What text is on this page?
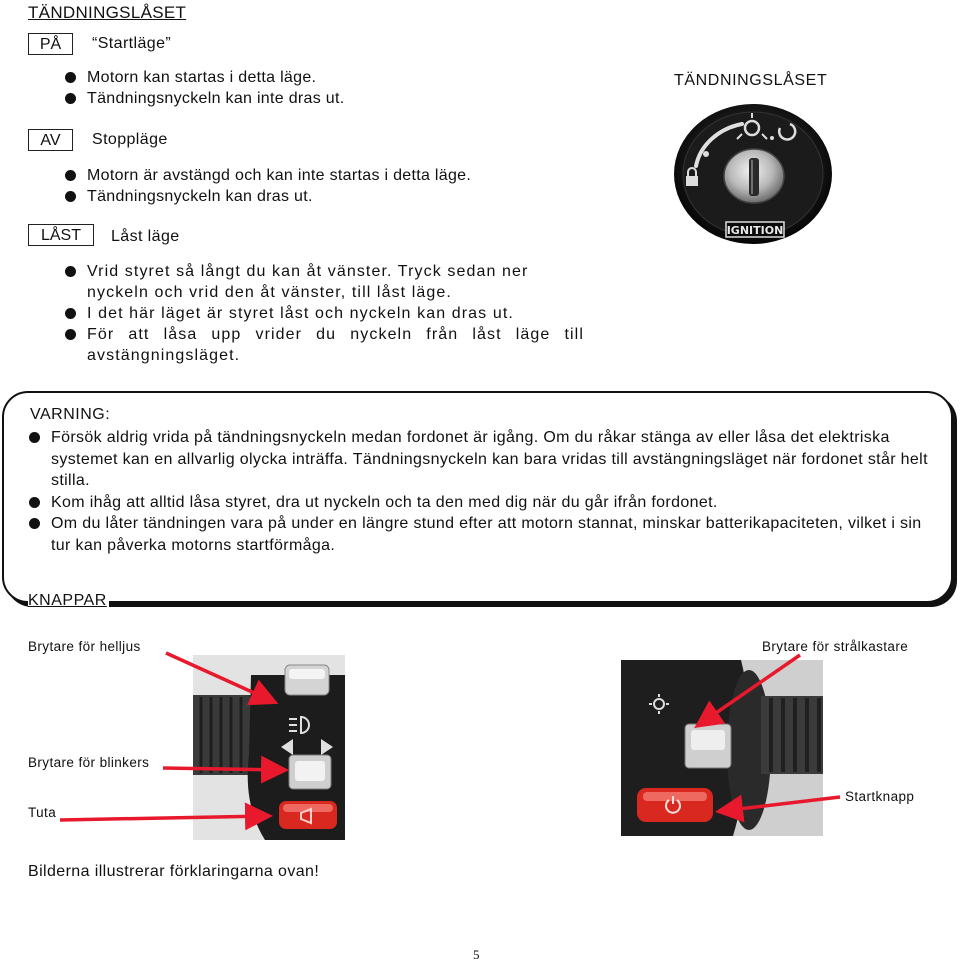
TÄNDNINGSLÅSET
PÅ	“Startläge”
Motorn kan startas i detta läge.
Tändningsnyckeln kan inte dras ut.
AV	Stoppläge
Motorn är avstängd och kan inte startas i detta läge.
Tändningsnyckeln kan dras ut.
LÅST	Låst läge
Vrid styret så långt du kan åt vänster. Tryck sedan ner nyckeln och vrid den åt vänster, till låst läge.
I det här läget är styret låst och nyckeln kan dras ut.
För att låsa upp vrider du nyckeln från låst läge till avstängningsläget.
TÄNDNINGSLÅSET
IGNITION
VARNING:
Försök aldrig vrida på tändningsnyckeln medan fordonet är igång. Om du råkar stänga av eller låsa det elektriska systemet kan en allvarlig olycka inträffa. Tändningsnyckeln kan bara vridas till avstängningsläget när fordonet står helt stilla.
Kom ihåg att alltid låsa styret, dra ut nyckeln och ta den med dig när du går ifrån fordonet.
Om du låter tändningen vara på under en längre stund efter att motorn stannat, minskar batterikapaciteten, vilket i sin tur kan påverka motorns startförmåga.
KNAPPAR
Brytare för helljus	Brytare för strålkastare
Brytare för blinkers
Tuta
Startknapp
Bilderna illustrerar förklaringarna ovan!
5
